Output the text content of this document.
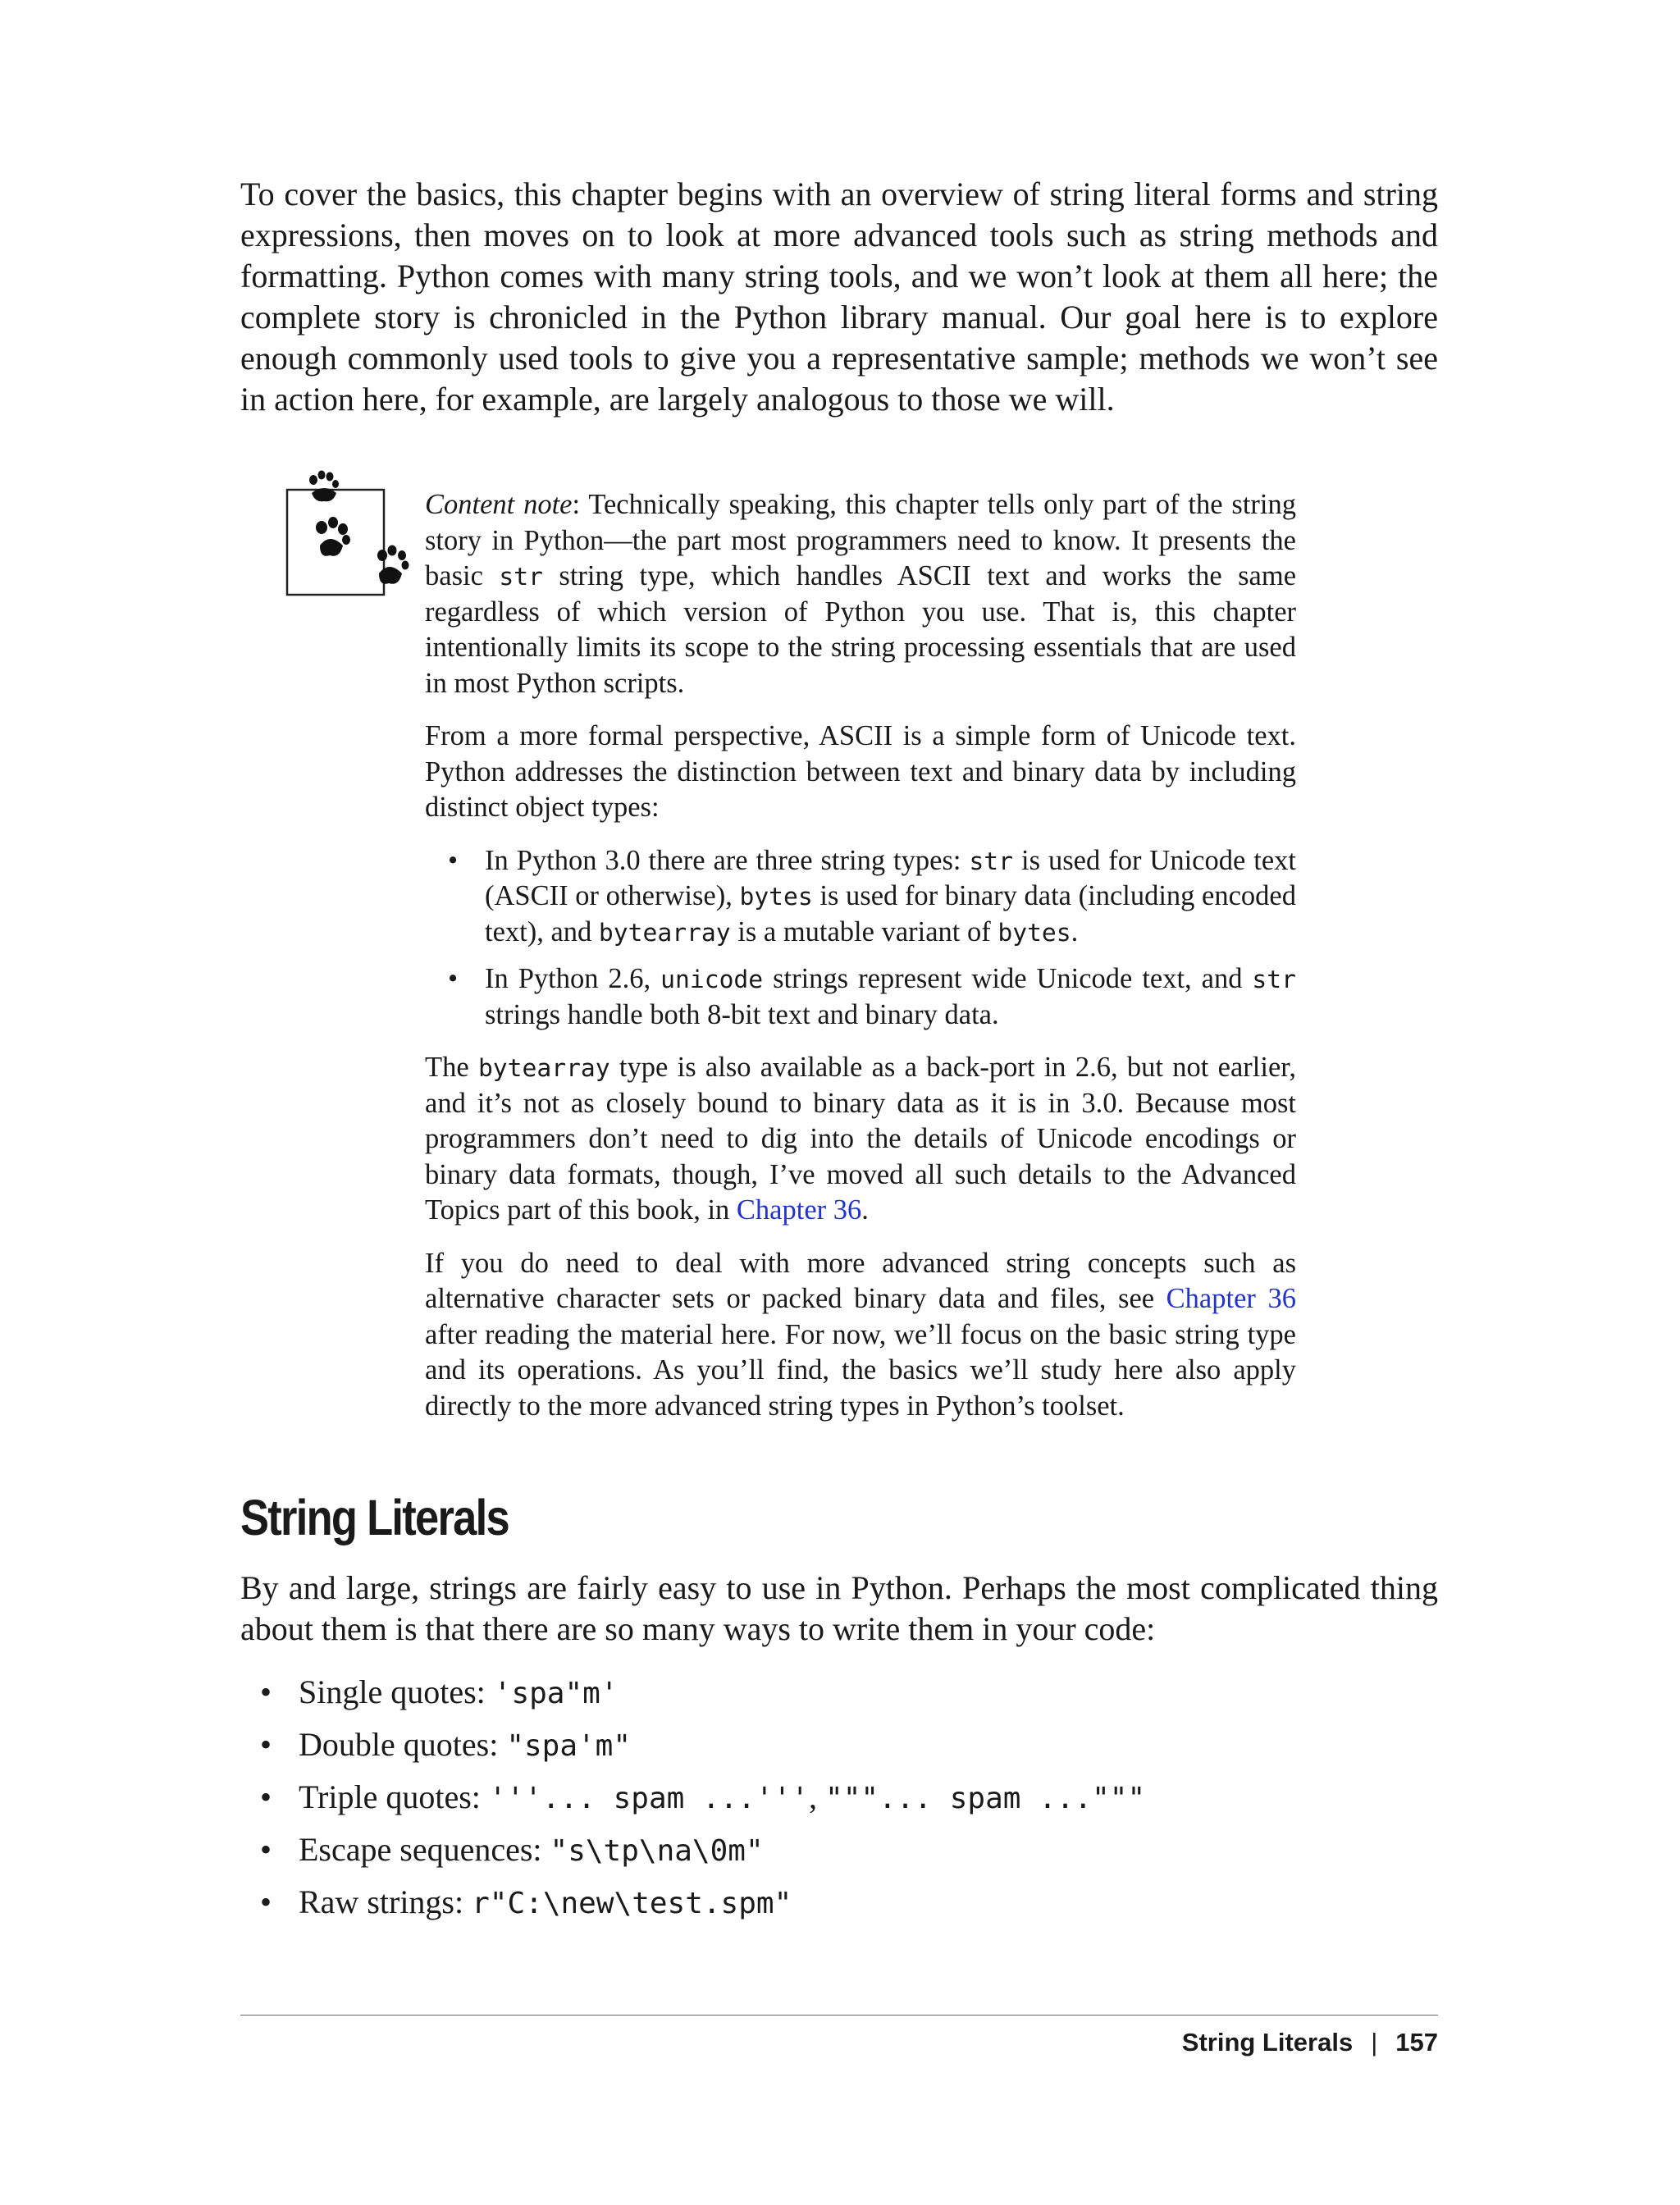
To cover the basics, this chapter begins with an overview of string literal forms and string expressions, then moves on to look at more advanced tools such as string methods and formatting. Python comes with many string tools, and we won’t look at them all here; the complete story is chronicled in the Python library manual. Our goal here is to explore enough commonly used tools to give you a representative sample; methods we won’t see in action here, for example, are largely analogous to those we will.

Content note: Technically speaking, this chapter tells only part of the string story in Python—the part most programmers need to know. It presents the basic str string type, which handles ASCII text and works the same regardless of which version of Python you use. That is, this chapter intentionally limits its scope to the string processing essentials that are used in most Python scripts.

From a more formal perspective, ASCII is a simple form of Unicode text. Python addresses the distinction between text and binary data by including distinct object types:

• In Python 3.0 there are three string types: str is used for Unicode text (ASCII or otherwise), bytes is used for binary data (including encoded text), and bytearray is a mutable variant of bytes.
• In Python 2.6, unicode strings represent wide Unicode text, and str strings handle both 8-bit text and binary data.

The bytearray type is also available as a back-port in 2.6, but not earlier, and it’s not as closely bound to binary data as it is in 3.0. Because most programmers don’t need to dig into the details of Unicode encodings or binary data formats, though, I’ve moved all such details to the Advanced Topics part of this book, in Chapter 36.

If you do need to deal with more advanced string concepts such as alternative character sets or packed binary data and files, see Chapter 36 after reading the material here. For now, we’ll focus on the basic string type and its operations. As you’ll find, the basics we’ll study here also apply directly to the more advanced string types in Python’s toolset.

String Literals

By and large, strings are fairly easy to use in Python. Perhaps the most complicated thing about them is that there are so many ways to write them in your code:

• Single quotes: 'spa"m'
• Double quotes: "spa'm"
• Triple quotes: '''... spam ...''', """... spam ..."""
• Escape sequences: "s\tp\na\0m"
• Raw strings: r"C:\new\test.spm"
String Literals | 157
